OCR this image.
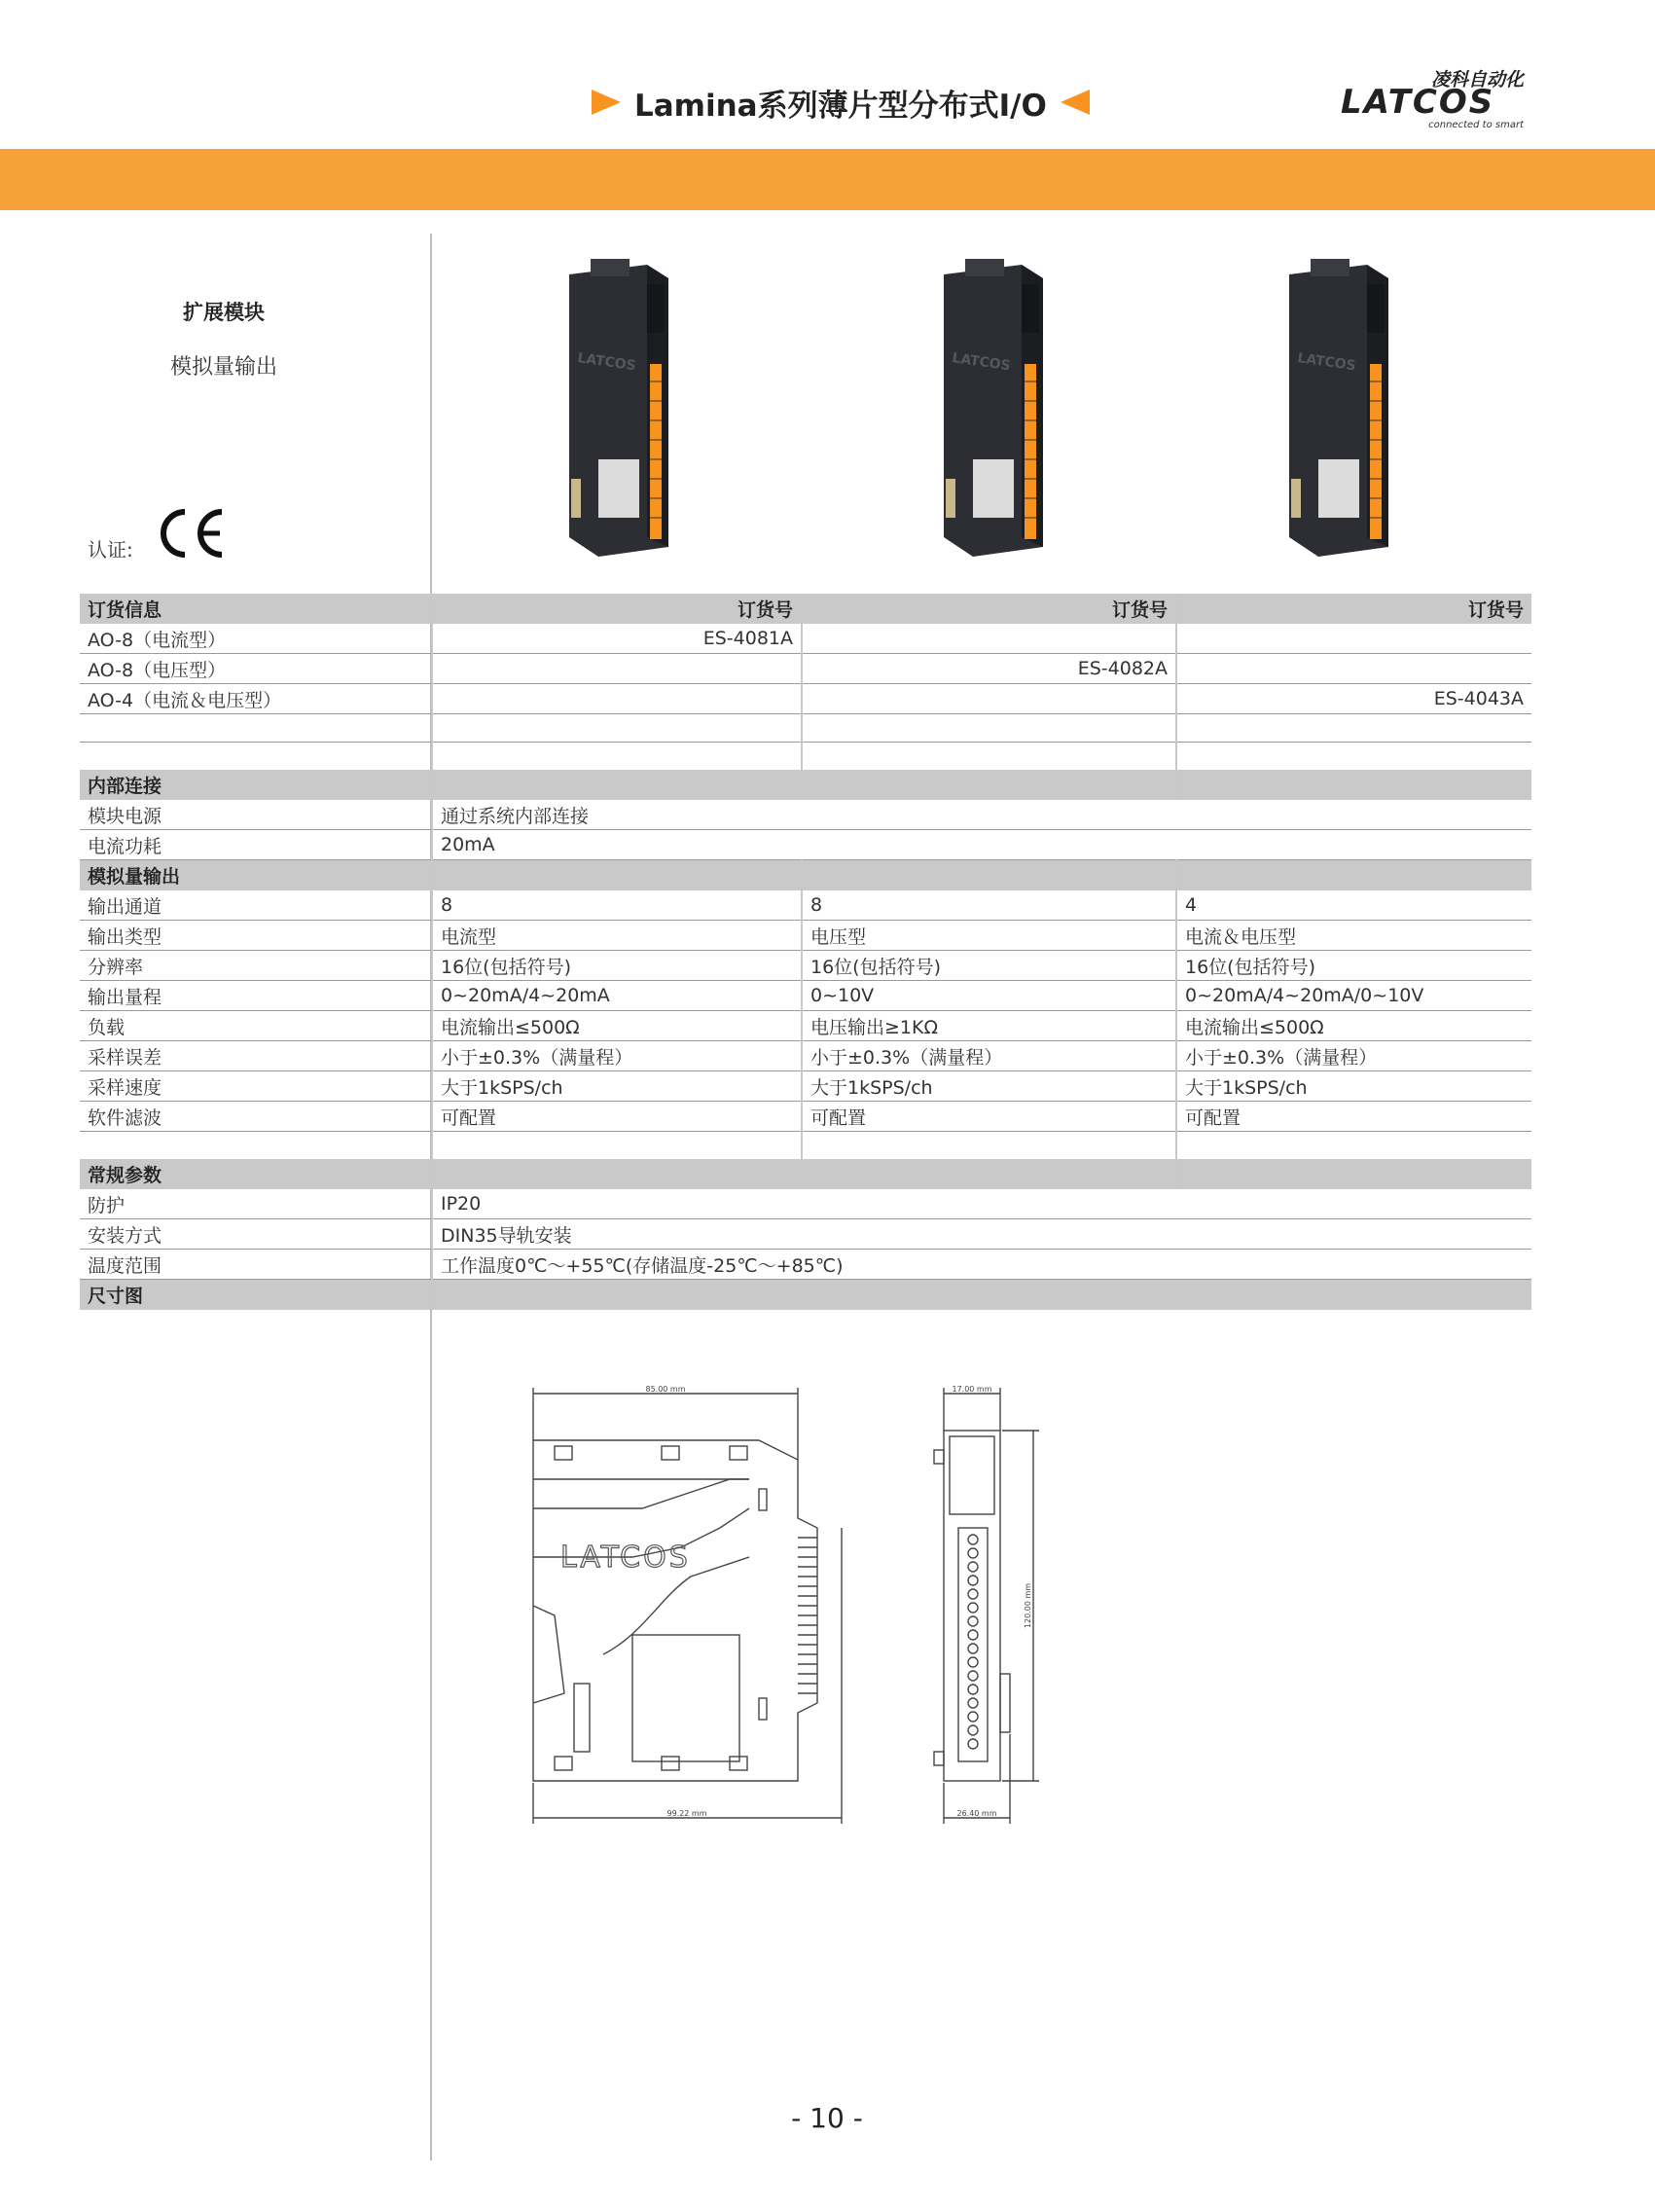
Lamina系列薄片型分布式I/O
凌科自动化
LATCOS
connected to smart
扩展模块
模拟量输出
认证:
LATCOS	LATCOS	LATCOS
订货信息	订货号	订货号	订货号
AO-8（电流型）	ES-4081A		
AO-8（电压型）		ES-4082A	
AO-4（电流＆电压型）			ES-4043A

内部连接			
模块电源	通过系统内部连接		
电流功耗	20mA		
模拟量输出			
输出通道	8	8	4
输出类型	电流型	电压型	电流＆电压型
分辨率	16位(包括符号)	16位(包括符号)	16位(包括符号)
输出量程	0~20mA/4~20mA	0~10V	0~20mA/4~20mA/0~10V
负载	电流输出≤500Ω	电压输出≥1KΩ	电流输出≤500Ω
采样误差	小于±0.3%（满量程）	小于±0.3%（满量程）	小于±0.3%（满量程）
采样速度	大于1kSPS/ch	大于1kSPS/ch	大于1kSPS/ch
软件滤波	可配置	可配置	可配置

常规参数			
防护	IP20		
安装方式	DIN35导轨安装		
温度范围	工作温度0℃～+55℃(存储温度-25℃～+85℃)		
尺寸图			
85.00 mm
99.22 mm
17.00 mm
26.40 mm
120.00 mm
LATCOS
- 10 -
